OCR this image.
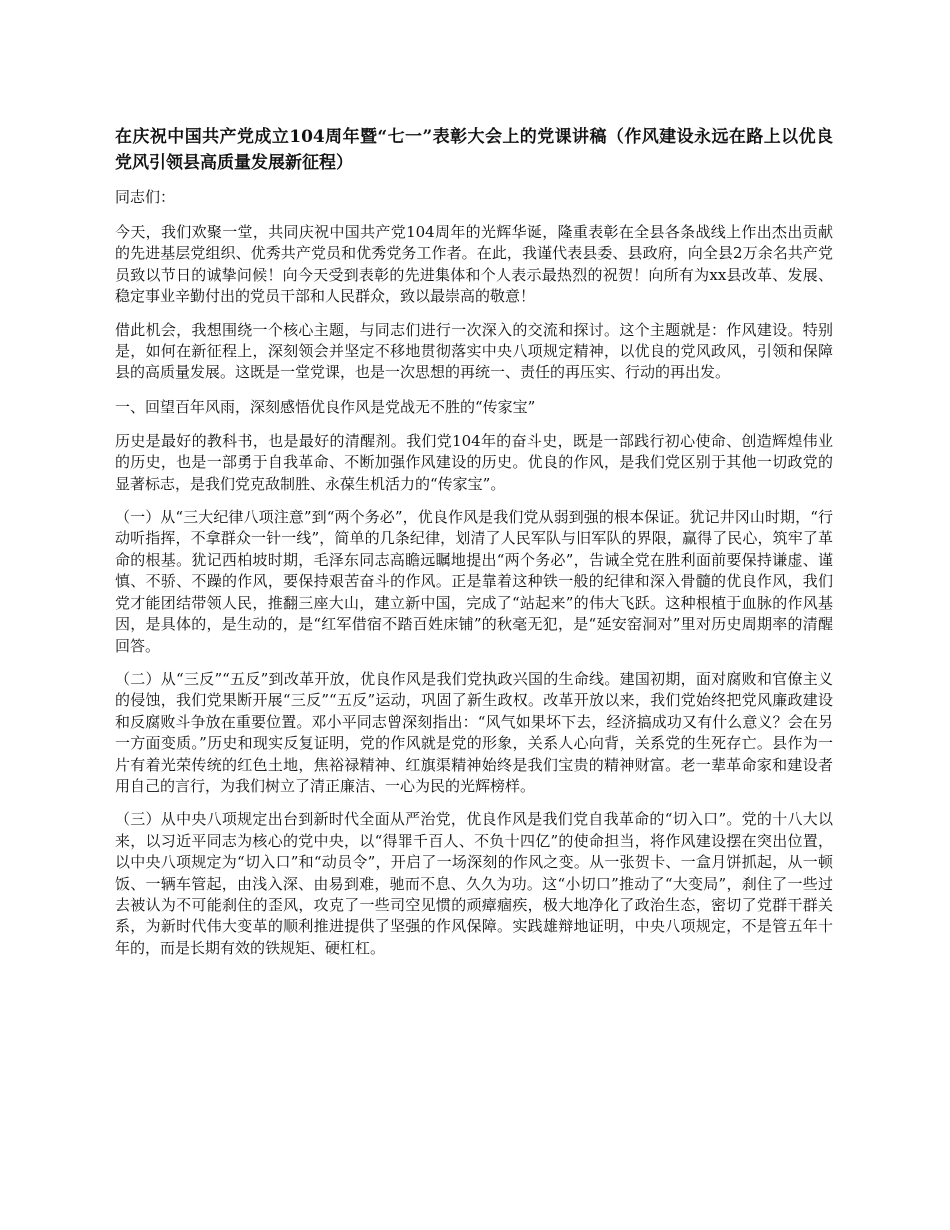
在庆祝中国共产党成立104周年暨“七一”表彰大会上的党课讲稿（作风建设永远在路上以优良党风引领县高质量发展新征程）
同志们：

今天，我们欢聚一堂，共同庆祝中国共产党104周年的光辉华诞，隆重表彰在全县各条战线上作出杰出贡献的先进基层党组织、优秀共产党员和优秀党务工作者。在此，我谨代表县委、县政府，向全县2万余名共产党员致以节日的诚挚问候！向今天受到表彰的先进集体和个人表示最热烈的祝贺！向所有为xx县改革、发展、稳定事业辛勤付出的党员干部和人民群众，致以最崇高的敬意！

借此机会，我想围绕一个核心主题，与同志们进行一次深入的交流和探讨。这个主题就是：作风建设。特别是，如何在新征程上，深刻领会并坚定不移地贯彻落实中央八项规定精神，以优良的党风政风，引领和保障县的高质量发展。这既是一堂党课，也是一次思想的再统一、责任的再压实、行动的再出发。

一、回望百年风雨，深刻感悟优良作风是党战无不胜的“传家宝”

历史是最好的教科书，也是最好的清醒剂。我们党104年的奋斗史，既是一部践行初心使命、创造辉煌伟业的历史，也是一部勇于自我革命、不断加强作风建设的历史。优良的作风，是我们党区别于其他一切政党的显著标志，是我们党克敌制胜、永葆生机活力的“传家宝”。

（一）从“三大纪律八项注意”到“两个务必”，优良作风是我们党从弱到强的根本保证。犹记井冈山时期，“行动听指挥，不拿群众一针一线”，简单的几条纪律，划清了人民军队与旧军队的界限，赢得了民心，筑牢了革命的根基。犹记西柏坡时期，毛泽东同志高瞻远瞩地提出“两个务必”，告诫全党在胜利面前要保持谦虚、谨慎、不骄、不躁的作风，要保持艰苦奋斗的作风。正是靠着这种铁一般的纪律和深入骨髓的优良作风，我们党才能团结带领人民，推翻三座大山，建立新中国，完成了“站起来”的伟大飞跃。这种根植于血脉的作风基因，是具体的，是生动的，是“红军借宿不踏百姓床铺”的秋毫无犯，是“延安窑洞对”里对历史周期率的清醒回答。

（二）从“三反”“五反”到改革开放，优良作风是我们党执政兴国的生命线。建国初期，面对腐败和官僚主义的侵蚀，我们党果断开展“三反”“五反”运动，巩固了新生政权。改革开放以来，我们党始终把党风廉政建设和反腐败斗争放在重要位置。邓小平同志曾深刻指出：“风气如果坏下去，经济搞成功又有什么意义？会在另一方面变质。”历史和现实反复证明，党的作风就是党的形象，关系人心向背，关系党的生死存亡。县作为一片有着光荣传统的红色土地，焦裕禄精神、红旗渠精神始终是我们宝贵的精神财富。老一辈革命家和建设者用自己的言行，为我们树立了清正廉洁、一心为民的光辉榜样。

（三）从中央八项规定出台到新时代全面从严治党，优良作风是我们党自我革命的“切入口”。党的十八大以来，以习近平同志为核心的党中央，以“得罪千百人、不负十四亿”的使命担当，将作风建设摆在突出位置，以中央八项规定为“切入口”和“动员令”，开启了一场深刻的作风之变。从一张贺卡、一盒月饼抓起，从一顿饭、一辆车管起，由浅入深、由易到难，驰而不息、久久为功。这“小切口”推动了“大变局”，刹住了一些过去被认为不可能刹住的歪风，攻克了一些司空见惯的顽瘴痼疾，极大地净化了政治生态，密切了党群干群关系，为新时代伟大变革的顺利推进提供了坚强的作风保障。实践雄辩地证明，中央八项规定，不是管五年十年的，而是长期有效的铁规矩、硬杠杠。
